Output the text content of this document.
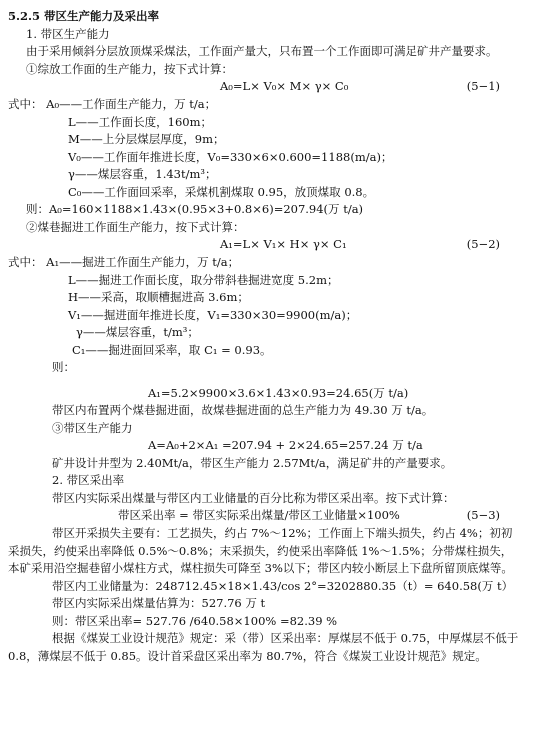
5.2.5 带区生产能力及采出率
1. 带区生产能力
由于采用倾斜分层放顶煤采煤法，工作面产量大，只布置一个工作面即可满足矿井产量要求。
①综放工作面的生产能力，按下式计算：
A₀=L× V₀× M× γ× C₀	(5−1)
式中： A₀——工作面生产能力，万 t/a；
L——工作面长度，160m；
M——上分层煤层厚度，9m；
V₀——工作面年推进长度，V₀=330×6×0.600=1188(m/a)；
γ——煤层容重，1.43t/m³；
C₀——工作面回采率，采煤机割煤取 0.95，放顶煤取 0.8。
则：A₀=160×1188×1.43×(0.95×3+0.8×6)=207.94(万 t/a)
②煤巷掘进工作面生产能力，按下式计算：
A₁=L× V₁× H× γ× C₁	(5−2)
式中： A₁——掘进工作面生产能力，万 t/a；
L——掘进工作面长度，取分带斜巷掘进宽度 5.2m；
H——采高，取顺槽掘进高 3.6m；
V₁——掘进面年推进长度，V₁=330×30=9900(m/a)；
γ——煤层容重，t/m³；
C₁——掘进面回采率，取 C₁ = 0.93。
则：
A₁=5.2×9900×3.6×1.43×0.93=24.65(万 t/a)
带区内布置两个煤巷掘进面，故煤巷掘进面的总生产能力为 49.30 万 t/a。
③带区生产能力
A=A₀+2×A₁ =207.94 + 2×24.65=257.24 万 t/a
矿井设计井型为 2.40Mt/a，带区生产能力 2.57Mt/a，满足矿井的产量要求。
2. 带区采出率
带区内实际采出煤量与带区内工业储量的百分比称为带区采出率。按下式计算：
带区采出率 = 带区实际采出煤量/带区工业储量×100%	(5−3)
带区开采损失主要有：工艺损失，约占 7%～12%；工作面上下端头损失，约占 4%；初初采损失，约使采出率降低 0.5%～0.8%；末采损失，约使采出率降低 1%～1.5%；分带煤柱损失，本矿采用沿空掘巷留小煤柱方式，煤柱损失可降至 3%以下；带区内较小断层上下盘所留顶底煤等。
带区内工业储量为：248712.45×18×1.43/cos 2°=3202880.35（t）= 640.58(万 t）
带区内实际采出煤量估算为：527.76 万 t
则：带区采出率= 527.76 /640.58×100% =82.39 %
根据《煤炭工业设计规范》规定：采（带）区采出率：厚煤层不低于 0.75，中厚煤层不低于 0.8，薄煤层不低于 0.85。设计首采盘区采出率为 80.7%，符合《煤炭工业设计规范》规定。
